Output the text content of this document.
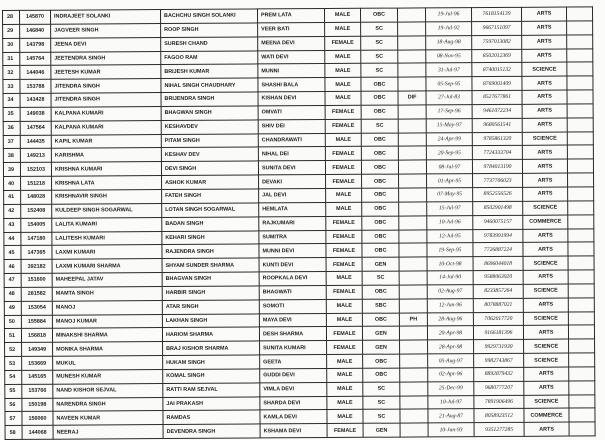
28	145870	INDRAJEET SOLANKI	BACHCHU SINGH SOLANKI	PREM LATA	MALE	OBC		19-Jul-96	7618154139	ARTS	
29	146840	JAGVEER SINGH	ROOP SINGH	VEER BATI	MALE	SC		19-Jul-92	9667151097	ARTS	
30	143798	JEENA DEVI	SURESH CHAND	MEENA DEVI	FEMALE	SC		18-Aug-98	7597013082	ARTS	
31	145764	JEETENDRA SINGH	FAGOO RAM	WATI DEVI	MALE	SC		08-Nov-95	8502012369	ARTS	
32	144046	JEETESH KUMAR	BRIJESH KUMAR	MUNNI	MALE	SC		31-Jul-97	8740015132	SCIENCE	
33	153788	JITENDRA SINGH	NIHAL SINGH CHAUDHARY	SHASHI BALA	MALE	OBC		05-Sep-95	8769001409	ARTS	
34	143428	JITENDRA SINGH	BRIJENDRA SINGH	KISHAN DEVI	MALE	OBC	DIF	27-Jul-83	8527677861	ARTS	
35	149038	KALPANA KUMARI	BHAGWAN SINGH	OMVATI	FEMALE	OBC		17-Sep-96	9461072234	ARTS	
36	147564	KALPANA KUMARI	KESHAVDEV	SHIV DEI	FEMALE	SC		15-May-97	9680561541	ARTS	
37	144435	KAPIL KUMAR	PITAM SINGH	CHANDRAWATI	MALE	OBC		24-Apr-99	9785861320	SCIENCE	
38	149213	KARISHMA	KESHAV DEV	NIHAL DEI	FEMALE	OBC		20-Sep-95	7724333704	ARTS	
39	152103	KRISHNA KUMARI	DEVI SINGH	SUNITA DEVI	FEMALE	OBC		08-Jul-97	9784013190	ARTS	
40	151218	KRISHNA LATA	ASHOK KUMAR	DEVAKI	FEMALE	OBC		01-Apr-95	7737706023	ARTS	
41	148028	KRISHNAVIR SINGH	FATEH SINGH	JAL DEVI	MALE	OBC		07-May-95	8952556526	ARTS	
42	152408	KULDEEP SINGH SOGARWAL	LOTAN SINGH SOGARWAL	HEMLATA	MALE	OBC		15-Jul-97	8502901498	SCIENCE	
43	154005	LALITA KUMARI	BADAN SINGH	RAJKUMARI	FEMALE	OBC		10-Jul-96	9460075157	COMMERCE	
44	147180	LALITESH KUMARI	KEHARI SINGH	SUMITRA	FEMALE	OBC		12-Jul-95	9783991994	ARTS	
45	147365	LAXMI KUMARI	RAJENDRA SINGH	MUNNI DEVI	FEMALE	OBC		19-Sep-95	7726887224	ARTS	
46	392182	LAXMI KUMARI SHARMA	SHYAM SUNDER SHARMA	KUNTI DEVI	FEMALE	GEN		10-Oct-98	8696044018	SCIENCE	
47	151600	MAHEEPAL JATAV	BHAGVAN SINGH	ROOPKALA DEVI	MALE	SC		14-Jul-90	9588063920	ARTS	
48	281582	MAMTA SINGH	HARBIR SINGH	BHAGWATI	FEMALE	OBC		02-Aug-97	8233857264	SCIENCE	
49	153054	MANOJ	ATAR SINGH	SOMOTI	MALE	SBC		12-Jun-96	8078887021	ARTS	
50	155884	MANOJ KUMAR	LAKHAN SINGH	MAYA DEVI	MALE	OBC	PH	28-Aug-96	7062017720	SCIENCE	
51	156818	MINAKSHI SHARMA	HARIOM SHARMA	DESH SHARMA	FEMALE	GEN		20-Apr-98	9166181396	ARTS	
52	149349	MONIKA SHARMA	BRAJ KISHOR SHARMA	SUNITA KUMARI	FEMALE	GEN		28-Apr-98	9929731930	SCIENCE	
53	153669	MUKUL	HUKAM SINGH	GEETA	MALE	OBC		05-Aug-97	9982743867	SCIENCE	
54	145165	MUNESH KUMAR	KOMAL SINGH	GUDDI DEVI	MALE	OBC		02-Apr-96	8892879432	ARTS	
55	153766	NAND KISHOR SEJVAL	RATTI RAM SEJVAL	VIMLA DEVI	MALE	SC		25-Dec-99	9680777207	ARTS	
56	150198	NARENDRA SINGH	JAI PRAKASH	SHARDA DEVI	MALE	SC		10-Jul-97	7891906496	SCIENCE	
57	156060	NAVEEN KUMAR	RAMDAS	KAMLA DEVI	MALE	SC		21-Aug-87	8058923512	COMMERCE	
58	144068	NEERAJ	DEVENDRA SINGH	KSHAMA DEVI	FEMALE	GEN		10-Jun-93	9351277285	ARTS	
